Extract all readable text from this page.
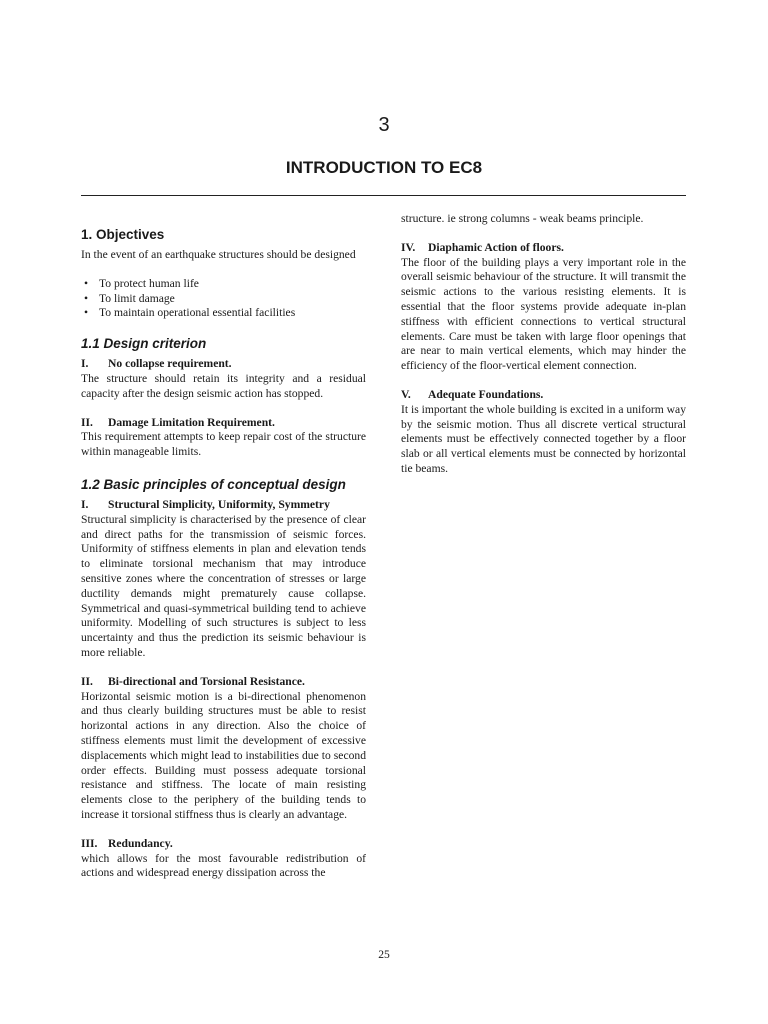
3
INTRODUCTION TO EC8
1. Objectives

In the event of an earthquake structures should be designed

• To protect human life
• To limit damage
• To maintain operational essential facilities
1.1 Design criterion
I. No collapse requirement.

The structure should retain its integrity and a residual capacity after the design seismic action has stopped.

II. Damage Limitation Requirement.

This requirement attempts to keep repair cost of the structure within manageable limits.

1.2 Basic principles of conceptual design
I. Structural Simplicity, Uniformity, Symmetry

Structural simplicity is characterised by the presence of clear and direct paths for the transmission of seismic forces. Uniformity of stiffness elements in plan and elevation tends to eliminate torsional mechanism that may introduce sensitive zones where the concentration of stresses or large ductility demands might prematurely cause collapse. Symmetrical and quasi-symmetrical building tend to achieve uniformity. Modelling of such structures is subject to less uncertainty and thus the prediction its seismic behaviour is more reliable.

II. Bi-directional and Torsional Resistance.

Horizontal seismic motion is a bi-directional phenomenon and thus clearly building structures must be able to resist horizontal actions in any direction. Also the choice of stiffness elements must limit the development of excessive displacements which might lead to instabilities due to second order effects. Building must possess adequate torsional resistance and stiffness. The locate of main resisting elements close to the periphery of the building tends to increase it torsional stiffness thus is clearly an advantage.

III. Redundancy.

which allows for the most favourable redistribution of actions and widespread energy dissipation across the

structure. ie strong columns - weak beams principle.

IV. Diaphamic Action of floors.

The floor of the building plays a very important role in the overall seismic behaviour of the structure. It will transmit the seismic actions to the various resisting elements. It is essential that the floor systems provide adequate in-plan stiffness with efficient connections to vertical structural elements. Care must be taken with large floor openings that are near to main vertical elements, which may hinder the efficiency of the floor-vertical element connection.

V. Adequate Foundations.

It is important the whole building is excited in a uniform way by the seismic motion. Thus all discrete vertical structural elements must be effectively connected together by a floor slab or all vertical elements must be connected by horizontal tie beams.

25
